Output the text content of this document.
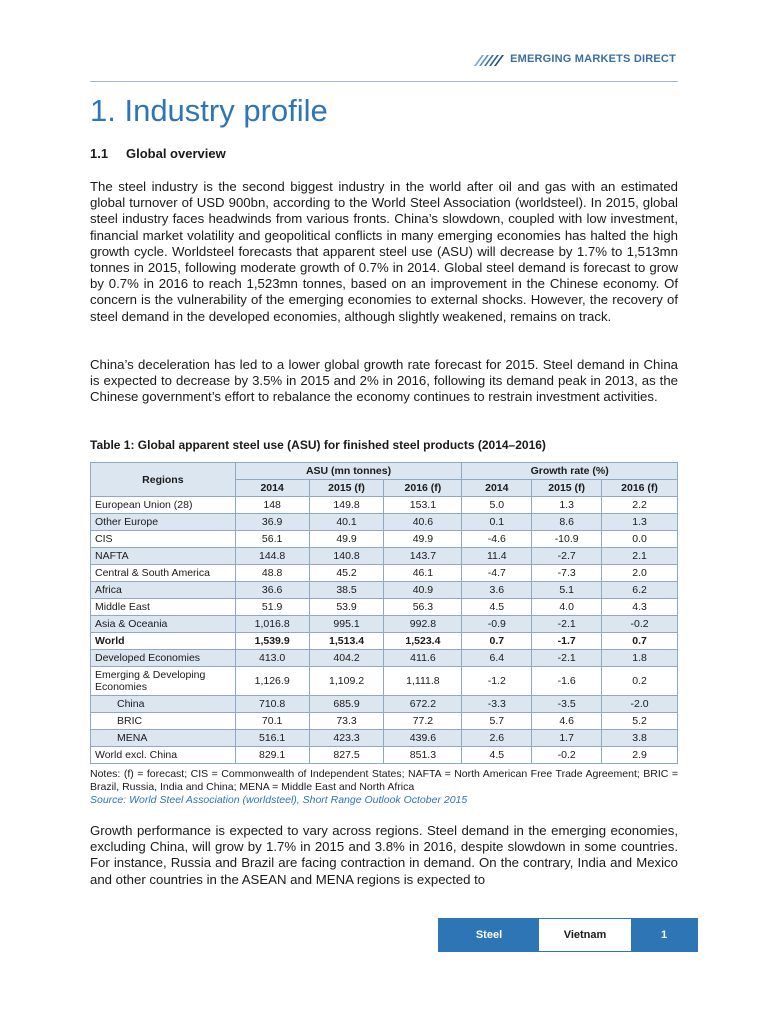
EMERGING MARKETS DIRECT
1. Industry profile
1.1 Global overview

The steel industry is the second biggest industry in the world after oil and gas with an estimated global turnover of USD 900bn, according to the World Steel Association (worldsteel). In 2015, global steel industry faces headwinds from various fronts. China’s slowdown, coupled with low investment, financial market volatility and geopolitical conflicts in many emerging economies has halted the high growth cycle. Worldsteel forecasts that apparent steel use (ASU) will decrease by 1.7% to 1,513mn tonnes in 2015, following moderate growth of 0.7% in 2014. Global steel demand is forecast to grow by 0.7% in 2016 to reach 1,523mn tonnes, based on an improvement in the Chinese economy. Of concern is the vulnerability of the emerging economies to external shocks. However, the recovery of steel demand in the developed economies, although slightly weakened, remains on track.

China’s deceleration has led to a lower global growth rate forecast for 2015. Steel demand in China is expected to decrease by 3.5% in 2015 and 2% in 2016, following its demand peak in 2013, as the Chinese government’s effort to rebalance the economy continues to restrain investment activities.

Table 1: Global apparent steel use (ASU) for finished steel products (2014–2016)
Regions	ASU (mn tonnes)			Growth rate (%)		
	2014	2015 (f)	2016 (f)	2014	2015 (f)	2016 (f)
European Union (28)	148	149.8	153.1	5.0	1.3	2.2
Other Europe	36.9	40.1	40.6	0.1	8.6	1.3
CIS	56.1	49.9	49.9	-4.6	-10.9	0.0
NAFTA	144.8	140.8	143.7	11.4	-2.7	2.1
Central & South America	48.8	45.2	46.1	-4.7	-7.3	2.0
Africa	36.6	38.5	40.9	3.6	5.1	6.2
Middle East	51.9	53.9	56.3	4.5	4.0	4.3
Asia & Oceania	1,016.8	995.1	992.8	-0.9	-2.1	-0.2
World	1,539.9	1,513.4	1,523.4	0.7	-1.7	0.7
Developed Economies	413.0	404.2	411.6	6.4	-2.1	1.8
Emerging & Developing Economies	1,126.9	1,109.2	1,111.8	-1.2	-1.6	0.2
China	710.8	685.9	672.2	-3.3	-3.5	-2.0
BRIC	70.1	73.3	77.2	5.7	4.6	5.2
MENA	516.1	423.3	439.6	2.6	1.7	3.8
World excl. China	829.1	827.5	851.3	4.5	-0.2	2.9
Notes: (f) = forecast; CIS = Commonwealth of Independent States; NAFTA = North American Free Trade Agreement; BRIC = Brazil, Russia, India and China; MENA = Middle East and North Africa
Source: World Steel Association (worldsteel), Short Range Outlook October 2015

Growth performance is expected to vary across regions. Steel demand in the emerging economies, excluding China, will grow by 1.7% in 2015 and 3.8% in 2016, despite slowdown in some countries. For instance, Russia and Brazil are facing contraction in demand. On the contrary, India and Mexico and other countries in the ASEAN and MENA regions is expected to

Steel	Vietnam	1
